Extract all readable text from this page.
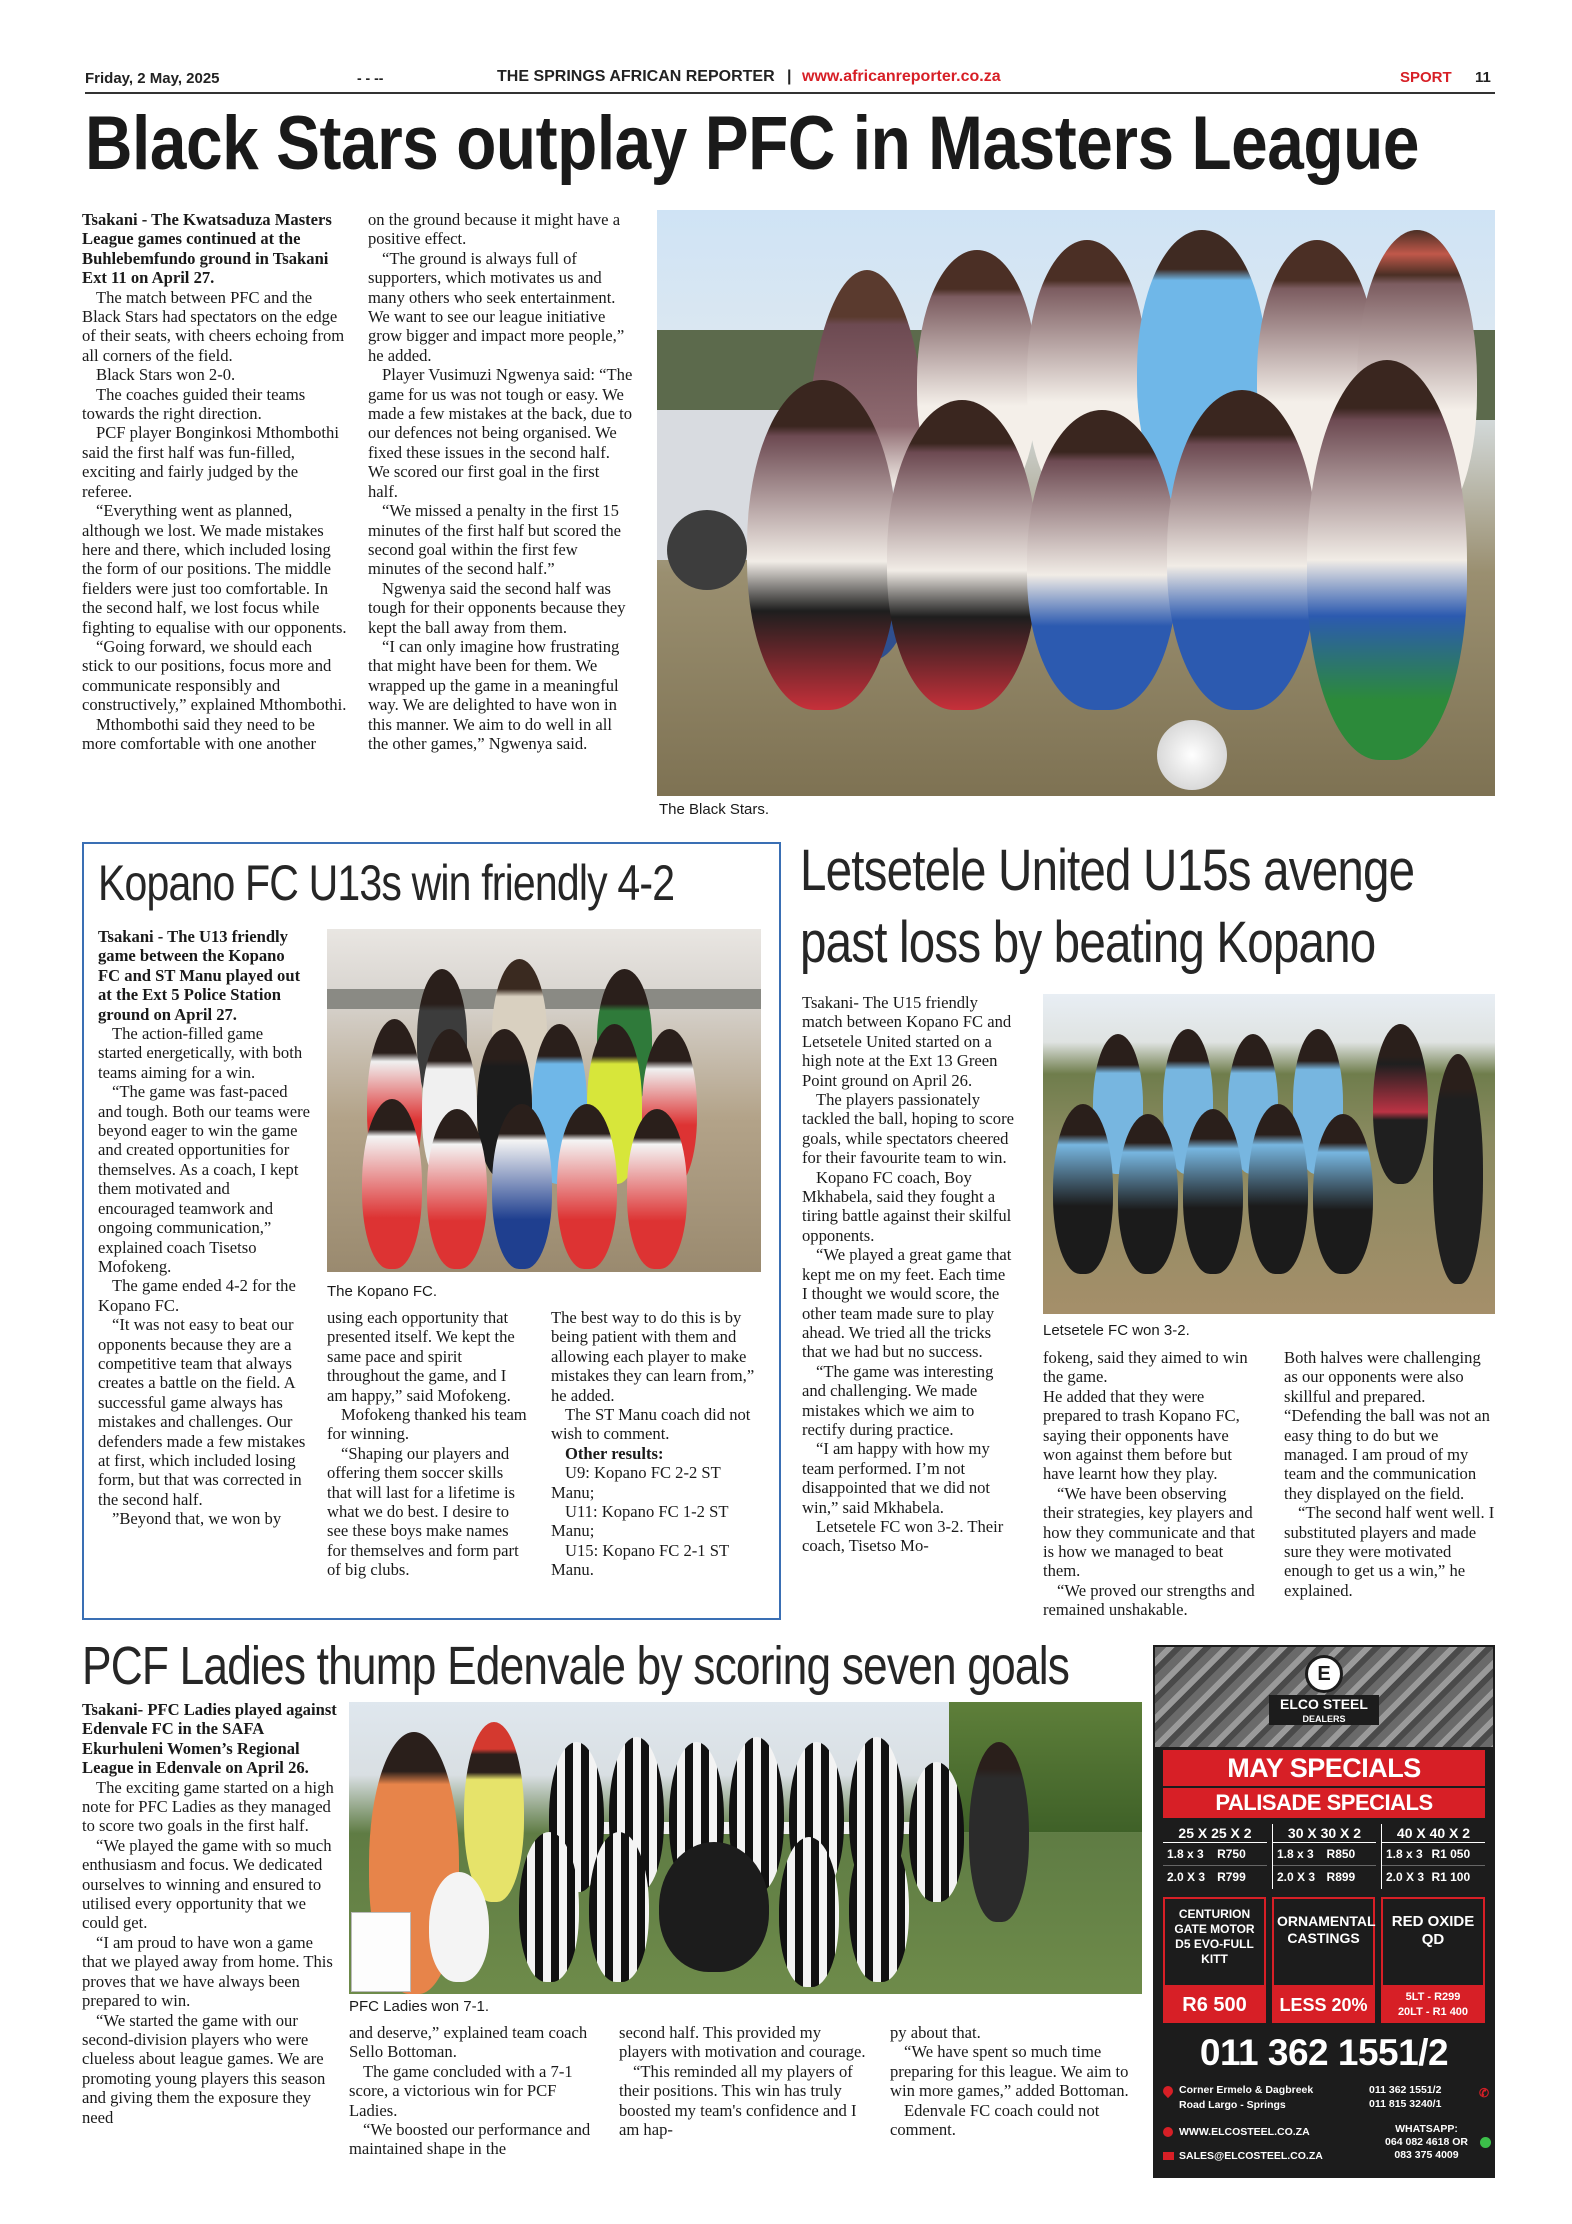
Friday, 2 May, 2025	- - --	THE SPRINGS AFRICAN REPORTER | www.africanreporter.co.za	SPORT 11
Black Stars outplay PFC in Masters League

Tsakani - The Kwatsaduza Masters League games continued at the Buhlebemfundo ground in Tsakani Ext 11 on April 27.

The match between PFC and the Black Stars had spectators on the edge of their seats, with cheers echoing from all corners of the field.

Black Stars won 2-0.

The coaches guided their teams towards the right direction.

PCF player Bonginkosi Mthombothi said the first half was fun-filled, exciting and fairly judged by the referee.

“Everything went as planned, although we lost. We made mistakes here and there, which included losing the form of our positions. The middle fielders were just too comfortable. In the second half, we lost focus while fighting to equalise with our opponents.

“Going forward, we should each stick to our positions, focus more and communicate responsibly and constructively,” explained Mthombothi.

Mthombothi said they need to be more comfortable with one another

on the ground because it might have a positive effect.

“The ground is always full of supporters, which motivates us and many others who seek entertainment. We want to see our league initiative grow bigger and impact more people,” he added.

Player Vusimuzi Ngwenya said: “The game for us was not tough or easy. We made a few mistakes at the back, due to our defences not being organised. We fixed these issues in the second half. We scored our first goal in the first half.

“We missed a penalty in the first 15 minutes of the first half but scored the second goal within the first few minutes of the second half.”

Ngwenya said the second half was tough for their opponents because they kept the ball away from them.

“I can only imagine how frustrating that might have been for them. We wrapped up the game in a meaningful way. We are delighted to have won in this manner. We aim to do well in all the other games,” Ngwenya said.

The Black Stars.
Kopano FC U13s win friendly 4-2

Tsakani - The U13 friendly game between the Kopano FC and ST Manu played out at the Ext 5 Police Station ground on April 27.

The action-filled game started energetically, with both teams aiming for a win.

“The game was fast-paced and tough. Both our teams were beyond eager to win the game and created opportunities for themselves. As a coach, I kept them motivated and encouraged teamwork and ongoing communication,” explained coach Tisetso Mofokeng.

The game ended 4-2 for the Kopano FC.

“It was not easy to beat our opponents because they are a competitive team that always creates a battle on the field. A successful game always has mistakes and challenges. Our defenders made a few mistakes at first, which included losing form, but that was corrected in the second half.

”Beyond that, we won by

The Kopano FC.

using each opportunity that presented itself. We kept the same pace and spirit throughout the game, and I am happy,” said Mofokeng.

Mofokeng thanked his team for winning.

“Shaping our players and offering them soccer skills that will last for a lifetime is what we do best. I desire to see these boys make names for themselves and form part of big clubs.

The best way to do this is by being patient with them and allowing each player to make mistakes they can learn from,” he added.

The ST Manu coach did not wish to comment.

Other results:

U9: Kopano FC 2-2 ST Manu;

U11: Kopano FC 1-2 ST Manu;

U15: Kopano FC 2-1 ST Manu.

Letsetele United U15s avenge
past loss by beating Kopano

Tsakani- The U15 friendly match between Kopano FC and Letsetele United started on a high note at the Ext 13 Green Point ground on April 26.

The players passionately tackled the ball, hoping to score goals, while spectators cheered for their favourite team to win.

Kopano FC coach, Boy Mkhabela, said they fought a tiring battle against their skilful opponents.

“We played a great game that kept me on my feet. Each time I thought we would score, the other team made sure to play ahead. We tried all the tricks that we had but no success.

“The game was interesting and challenging. We made mistakes which we aim to rectify during practice.

“I am happy with how my team performed. I’m not disappointed that we did not win,” said Mkhabela.

Letsetele FC won 3-2. Their coach, Tisetso Mo-

Letsetele FC won 3-2.

fokeng, said they aimed to win the game.

He added that they were prepared to trash Kopano FC, saying their opponents have won against them before but have learnt how they play.

“We have been observing their strategies, key players and how they communicate and that is how we managed to beat them.

“We proved our strengths and remained unshakable.

Both halves were challenging as our opponents were also skillful and prepared.

“Defending the ball was not an easy thing to do but we managed. I am proud of my team and the communication they displayed on the field.

“The second half went well. I substituted players and made sure they were motivated enough to get us a win,” he explained.

PCF Ladies thump Edenvale by scoring seven goals

Tsakani- PFC Ladies played against Edenvale FC in the SAFA Ekurhuleni Women’s Regional League in Edenvale on April 26.

The exciting game started on a high note for PFC Ladies as they managed to score two goals in the first half.

“We played the game with so much enthusiasm and focus. We dedicated ourselves to winning and ensured to utilised every opportunity that we could get.

“I am proud to have won a game that we played away from home. This proves that we have always been prepared to win.

“We started the game with our second-division players who were clueless about league games. We are promoting young players this season and giving them the exposure they need

PFC Ladies won 7-1.

and deserve,” explained team coach Sello Bottoman.

The game concluded with a 7-1 score, a victorious win for PCF Ladies.

“We boosted our performance and maintained shape in the

second half. This provided my players with motivation and courage.

“This reminded all my players of their positions. This win has truly boosted my team's confidence and I am hap-

py about that.

“We have spent so much time preparing for this league. We aim to win more games,” added Bottoman.

Edenvale FC coach could not comment.

E
ELCO STEEL
DEALERS
MAY SPECIALS
PALISADE SPECIALS
25 X 25 X 2
1.8 x 3	R750
2.0 X 3	R799
30 X 30 X 2
1.8 x 3	R850
2.0 X 3 R899
40 X 40 X 2
1.8 x 3 R1 050
2.0 X 3 R1 100
CENTURION GATE MOTOR D5 EVO-FULL KITT
ORNAMENTAL CASTINGS
RED OXIDE QD
R6 500	LESS 20%	5LT - R299
20LT - R1 400
011 362 1551/2
Corner Ermelo & Dagbreek
Road Largo - Springs
011 362 1551/2
011 815 3240/1
✆
WWW.ELCOSTEEL.CO.ZA
SALES@ELCOSTEEL.CO.ZA
WHATSAPP:
064 082 4618 OR
083 375 4009
